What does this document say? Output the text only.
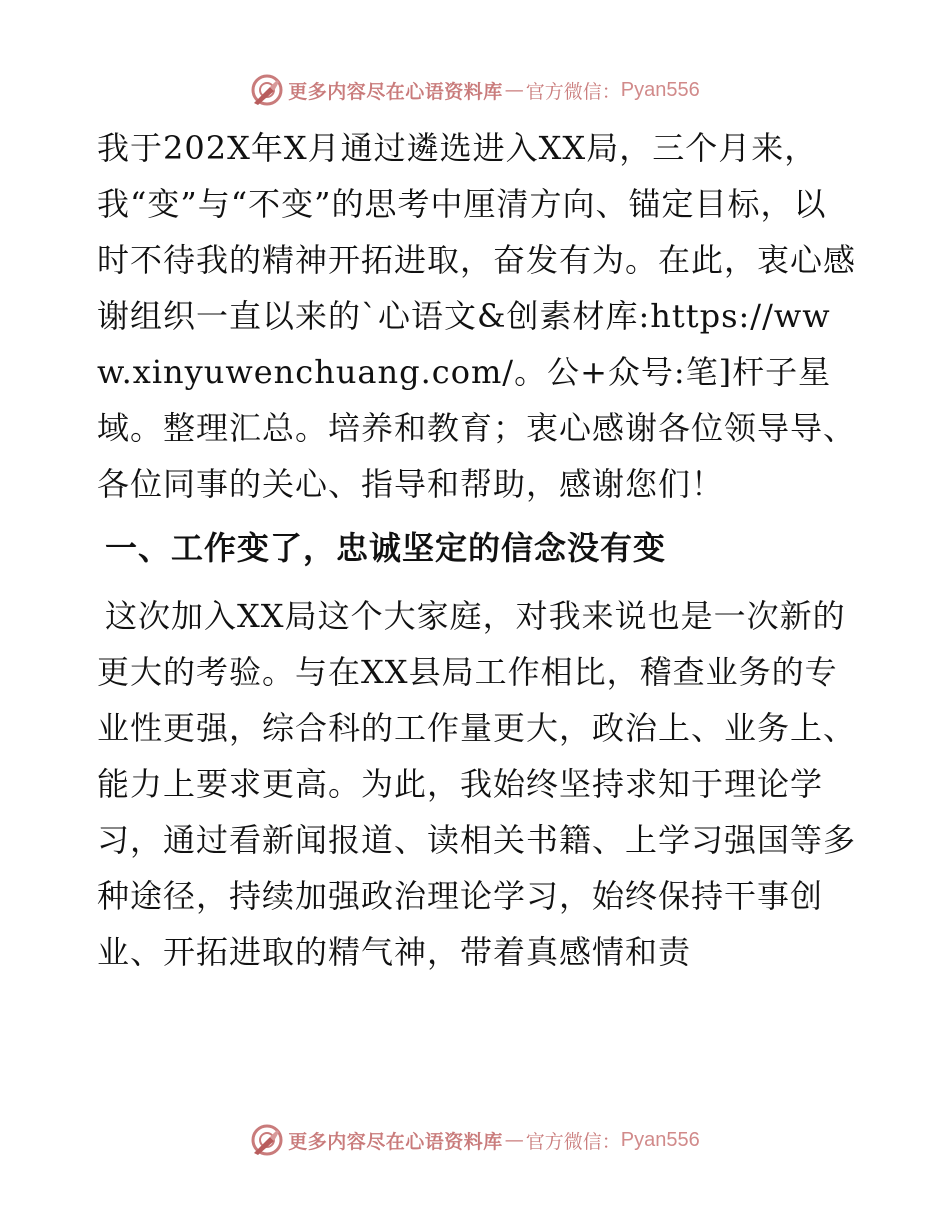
更多内容尽在心语资料库 — 官方微信： Pyan556

我于202X年X月通过遴选进入XX局，三个月来，我“变”与“不变”的思考中厘清方向、锚定目标，以时不待我的精神开拓进取，奋发有为。在此，衷心感谢组织一直以来的`心语文&创素材库:https://www.xinyuwenchuang.com/。公+众号:笔]杆子星域。整理汇总。培养和教育；衷心感谢各位领导导、各位同事的关心、指导和帮助，感谢您们！

一、工作变了，忠诚坚定的信念没有变

这次加入XX局这个大家庭，对我来说也是一次新的更大的考验。与在XX县局工作相比，稽查业务的专业性更强，综合科的工作量更大，政治上、业务上、能力上要求更高。为此，我始终坚持求知于理论学习，通过看新闻报道、读相关书籍、上学习强国等多种途径，持续加强政治理论学习，始终保持干事创业、开拓进取的精气神，带着真感情和责

更多内容尽在心语资料库 — 官方微信： Pyan556
